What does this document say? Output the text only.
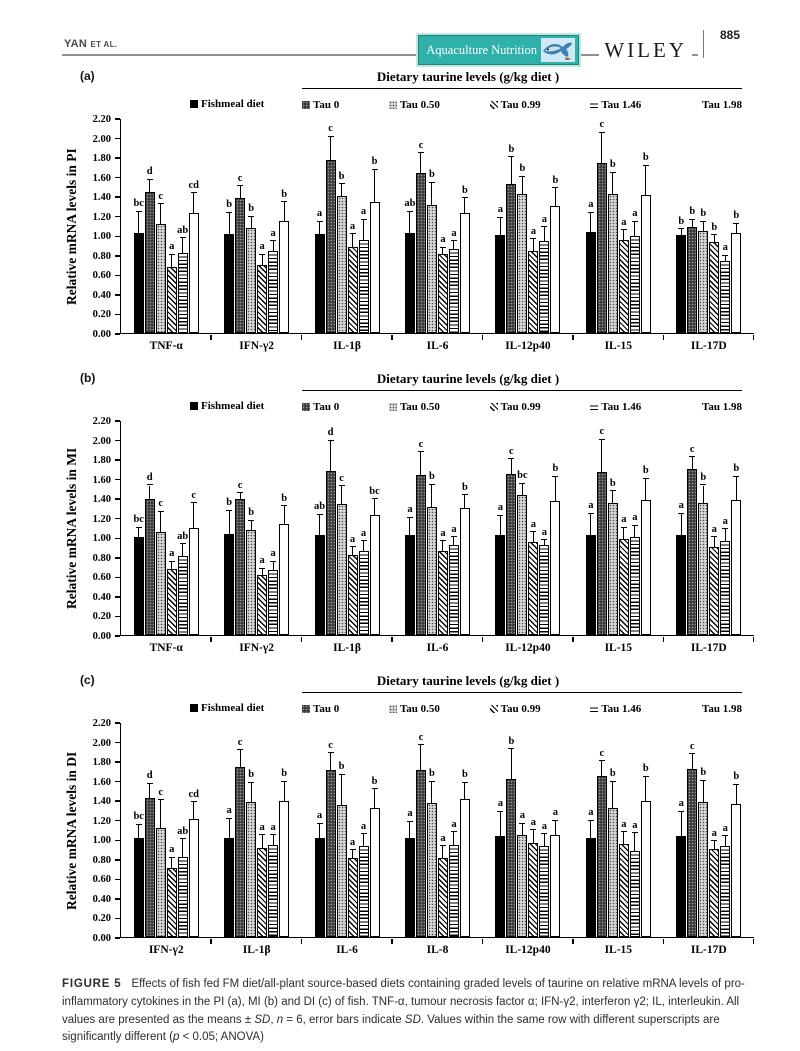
YAN ET AL.	Aquaculture Nutrition	WILEY
885
(a)	Dietary taurine levels (g/kg diet )
Fishmeal diet	Tau 0	Tau 0.50	Tau 0.99	Tau 1.46	Tau 1.98
Relative mRNA levels in PI
0.00
0.20
0.40
0.60
0.80
1.00
1.20
1.40
1.60
1.80
2.00
2.20
TNF-α
bc
d
c
a
ab
cd
IFN-γ2
b
c
b
a
a
b
IL-1β
a
c
b
a
a
b
IL-6
ab
c
b
a
a
b
IL-12p40
a
b
b
a
a
b
IL-15
a
c
b
a
a
b
IL-17D
b
b b
b
a
b
(b)	Dietary taurine levels (g/kg diet )
Fishmeal diet	Tau 0	Tau 0.50	Tau 0.99	Tau 1.46	Tau 1.98
Relative mRNA levels in MI
0.00
0.20
0.40
0.60
0.80
1.00
1.20
1.40
1.60
1.80
2.00
2.20
TNF-α
bc
d
c
a
ab
c
IFN-γ2
b
c
b
a
a
b
IL-1β
ab
d
c
a
a
bc
IL-6
a
c
b
a a
b
IL-12p40
a
c
bc
a
a
b
IL-15
a
c
b
a a
b
IL-17D
a
c
b
a
a
b
(c)	Dietary taurine levels (g/kg diet )
Fishmeal diet	Tau 0	Tau 0.50	Tau 0.99	Tau 1.46	Tau 1.98
Relative mRNA levels in DI
0.00
0.20
0.40
0.60
0.80
1.00
1.20
1.40
1.60
1.80
2.00
2.20
IFN-γ2
bc
d
c
a
ab
cd
IL-1β
a
c
b
a a
b
IL-6
a
c
b
a
a
b
IL-8
a
c
b
a
a
b
IL-12p40
a
b
a
a a
a
IL-15
a
c
b
a a
b
IL-17D
a
c
b
a a
b

FIGURE 5 Effects of fish fed FM diet/all-plant source-based diets containing graded levels of taurine on relative mRNA levels of pro-inflammatory cytokines in the PI (a), MI (b) and DI (c) of fish. TNF-α, tumour necrosis factor α; IFN-γ2, interferon γ2; IL, interleukin. All values are presented as the means ± SD, n = 6, error bars indicate SD. Values within the same row with different superscripts are significantly different (p < 0.05; ANOVA)
